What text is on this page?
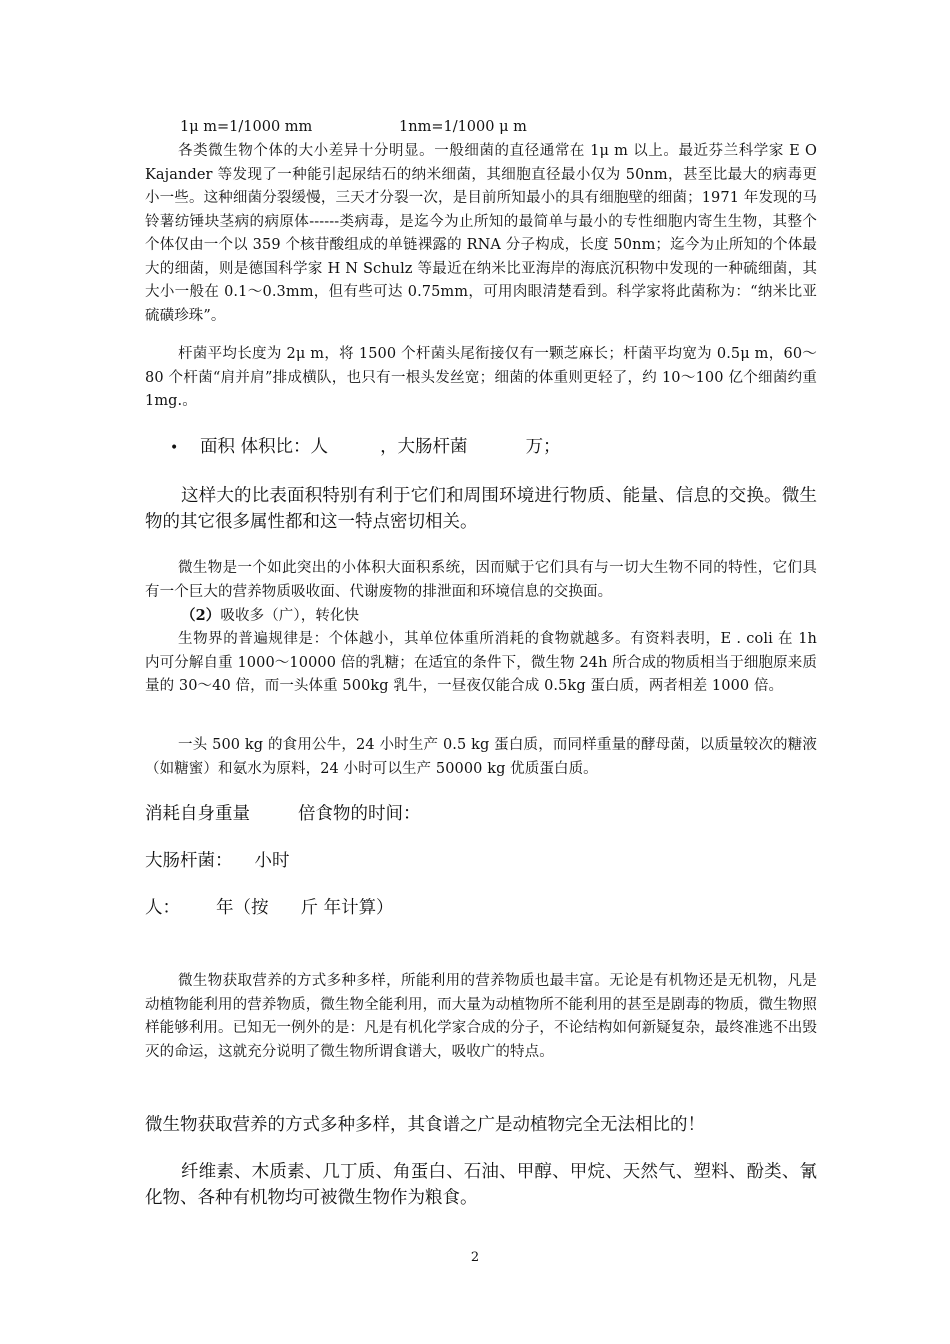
1μ m=1/1000 mm	1nm=1/1000 μ m

各类微生物个体的大小差异十分明显。一般细菌的直径通常在 1μ m 以上。最近芬兰科学家 E O Kajander 等发现了一种能引起尿结石的纳米细菌，其细胞直径最小仅为 50nm，甚至比最大的病毒更小一些。这种细菌分裂缓慢，三天才分裂一次，是目前所知最小的具有细胞壁的细菌；1971 年发现的马铃薯纺锤块茎病的病原体------类病毒，是迄今为止所知的最简单与最小的专性细胞内寄生生物，其整个个体仅由一个以 359 个核苷酸组成的单链裸露的 RNA 分子构成，长度 50nm；迄今为止所知的个体最大的细菌，则是德国科学家 H N Schulz 等最近在纳米比亚海岸的海底沉积物中发现的一种硫细菌，其大小一般在 0.1～0.3mm，但有些可达 0.75mm，可用肉眼清楚看到。科学家将此菌称为：“纳米比亚硫磺珍珠”。

杆菌平均长度为 2μ m，将 1500 个杆菌头尾衔接仅有一颗芝麻长；杆菌平均宽为 0.5μ m，60～80 个杆菌“肩并肩”排成横队，也只有一根头发丝宽；细菌的体重则更轻了，约 10～100 亿个细菌约重 1mg.。

• 面积 体积比：人	，大肠杆菌	万；

这样大的比表面积特别有利于它们和周围环境进行物质、能量、信息的交换。微生物的其它很多属性都和这一特点密切相关。

微生物是一个如此突出的小体积大面积系统，因而赋于它们具有与一切大生物不同的特性，它们具有一个巨大的营养物质吸收面、代谢废物的排泄面和环境信息的交换面。

（2）吸收多（广），转化快

生物界的普遍规律是：个体越小，其单位体重所消耗的食物就越多。有资料表明，E . coli 在 1h 内可分解自重 1000～10000 倍的乳糖；在适宜的条件下，微生物 24h 所合成的物质相当于细胞原来质量的 30～40 倍，而一头体重 500kg 乳牛，一昼夜仅能合成 0.5kg 蛋白质，两者相差 1000 倍。

一头 500 kg 的食用公牛，24 小时生产 0.5 kg 蛋白质，而同样重量的酵母菌，以质量较次的糖液（如糖蜜）和氨水为原料，24 小时可以生产 50000 kg 优质蛋白质。

消耗自身重量	倍食物的时间：
大肠杆菌： 小时
人： 年（按 斤 年计算）

微生物获取营养的方式多种多样，所能利用的营养物质也最丰富。无论是有机物还是无机物，凡是动植物能利用的营养物质，微生物全能利用，而大量为动植物所不能利用的甚至是剧毒的物质，微生物照样能够利用。已知无一例外的是：凡是有机化学家合成的分子，不论结构如何新疑复杂，最终准逃不出毁灭的命运，这就充分说明了微生物所谓食谱大，吸收广的特点。

微生物获取营养的方式多种多样，其食谱之广是动植物完全无法相比的！

纤维素、木质素、几丁质、角蛋白、石油、甲醇、甲烷、天然气、塑料、酚类、氰化物、各种有机物均可被微生物作为粮食。

2
